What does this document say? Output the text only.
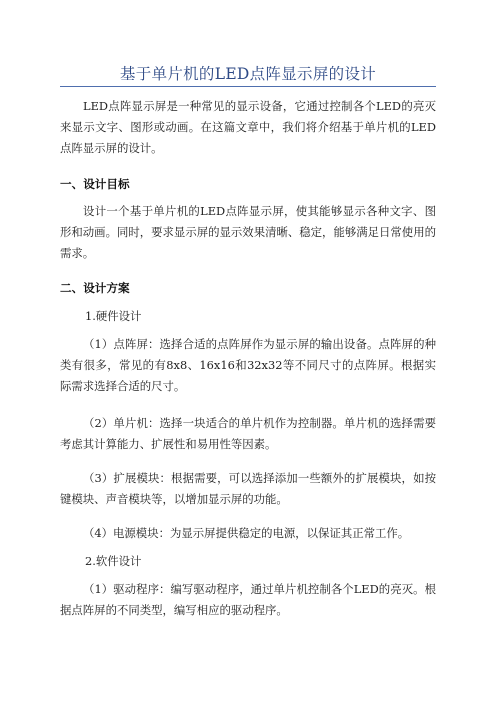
基于单片机的LED点阵显示屏的设计
LED点阵显示屏是一种常见的显示设备，它通过控制各个LED的亮灭来显示文字、图形或动画。在这篇文章中，我们将介绍基于单片机的LED点阵显示屏的设计。
一、设计目标
设计一个基于单片机的LED点阵显示屏，使其能够显示各种文字、图形和动画。同时，要求显示屏的显示效果清晰、稳定，能够满足日常使用的需求。
二、设计方案
1.硬件设计
（1）点阵屏：选择合适的点阵屏作为显示屏的输出设备。点阵屏的种类有很多，常见的有8x8、16x16和32x32等不同尺寸的点阵屏。根据实际需求选择合适的尺寸。
（2）单片机：选择一块适合的单片机作为控制器。单片机的选择需要考虑其计算能力、扩展性和易用性等因素。
（3）扩展模块：根据需要，可以选择添加一些额外的扩展模块，如按键模块、声音模块等，以增加显示屏的功能。
（4）电源模块：为显示屏提供稳定的电源，以保证其正常工作。
2.软件设计
（1）驱动程序：编写驱动程序，通过单片机控制各个LED的亮灭。根据点阵屏的不同类型，编写相应的驱动程序。
